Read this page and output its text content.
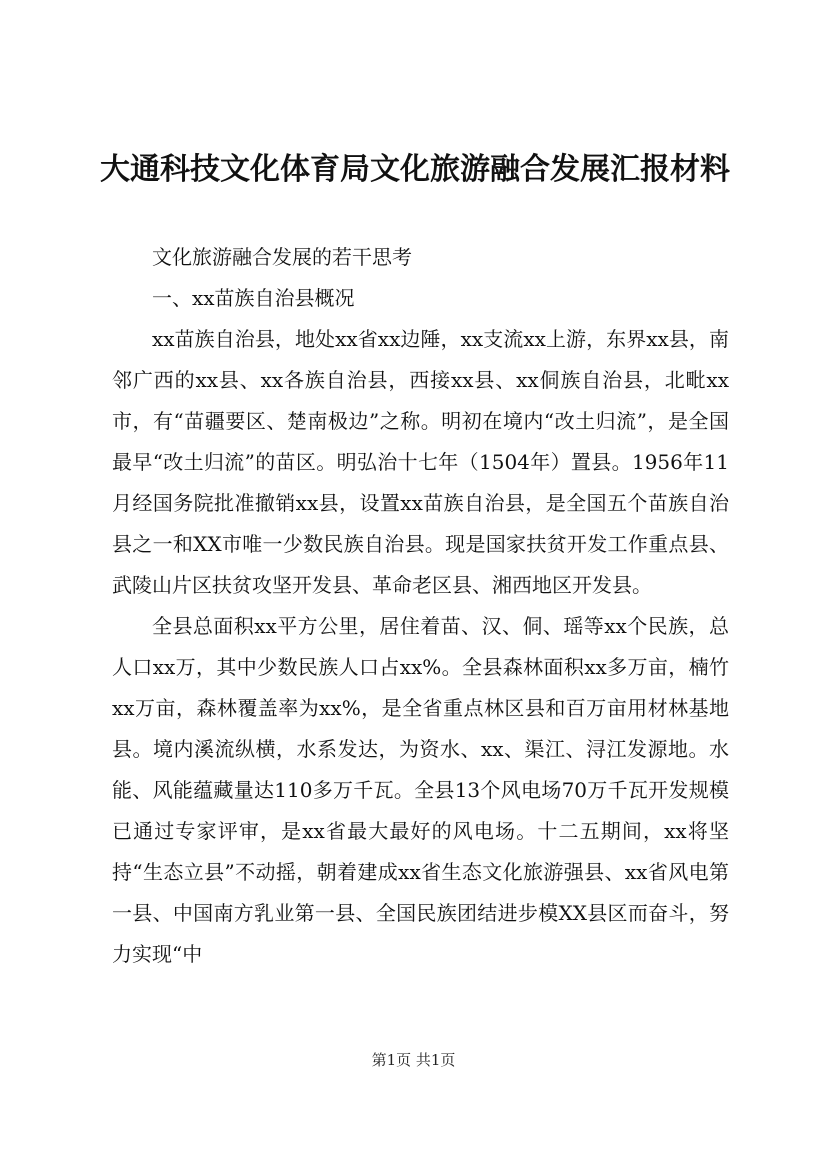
大通科技文化体育局文化旅游融合发展汇报材料

文化旅游融合发展的若干思考

一、xx苗族自治县概况

xx苗族自治县，地处xx省xx边陲，xx支流xx上游，东界xx县，南邻广西的xx县、xx各族自治县，西接xx县、xx侗族自治县，北毗xx市，有“苗疆要区、楚南极边”之称。明初在境内“改土归流”，是全国最早“改土归流”的苗区。明弘治十七年（1504年）置县。1956年11月经国务院批准撤销xx县，设置xx苗族自治县，是全国五个苗族自治县之一和XX市唯一少数民族自治县。现是国家扶贫开发工作重点县、武陵山片区扶贫攻坚开发县、革命老区县、湘西地区开发县。

全县总面积xx平方公里，居住着苗、汉、侗、瑶等xx个民族，总人口xx万，其中少数民族人口占xx%。全县森林面积xx多万亩，楠竹xx万亩，森林覆盖率为xx%，是全省重点林区县和百万亩用材林基地县。境内溪流纵横，水系发达，为资水、xx、渠江、浔江发源地。水能、风能蕴藏量达110多万千瓦。全县13个风电场70万千瓦开发规模已通过专家评审，是xx省最大最好的风电场。十二五期间，xx将坚持“生态立县”不动摇，朝着建成xx省生态文化旅游强县、xx省风电第一县、中国南方乳业第一县、全国民族团结进步模XX县区而奋斗，努力实现“中

第1页 共1页
